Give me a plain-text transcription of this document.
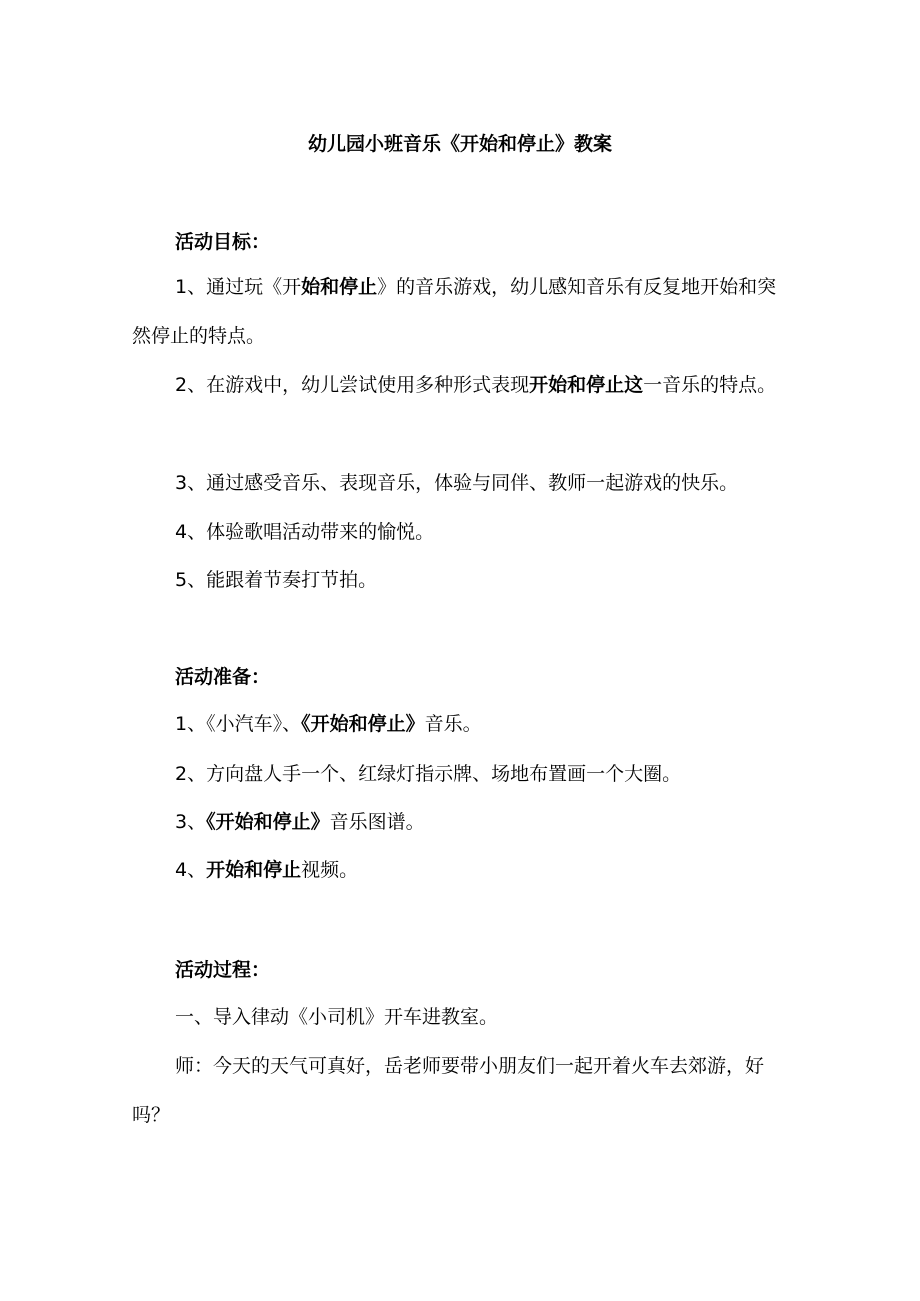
幼儿园小班音乐《开始和停止》教案
活动目标：

1、通过玩《开始和停止》的音乐游戏，幼儿感知音乐有反复地开始和突然停止的特点。

2、在游戏中，幼儿尝试使用多种形式表现开始和停止这一音乐的特点。

3、通过感受音乐、表现音乐，体验与同伴、教师一起游戏的快乐。

4、体验歌唱活动带来的愉悦。

5、能跟着节奏打节拍。

活动准备：

1、《小汽车》、《开始和停止》音乐。

2、方向盘人手一个、红绿灯指示牌、场地布置画一个大圈。

3、《开始和停止》音乐图谱。

4、开始和停止视频。

活动过程：

一、导入律动《小司机》开车进教室。

师：今天的天气可真好，岳老师要带小朋友们一起开着火车去郊游，好吗？
